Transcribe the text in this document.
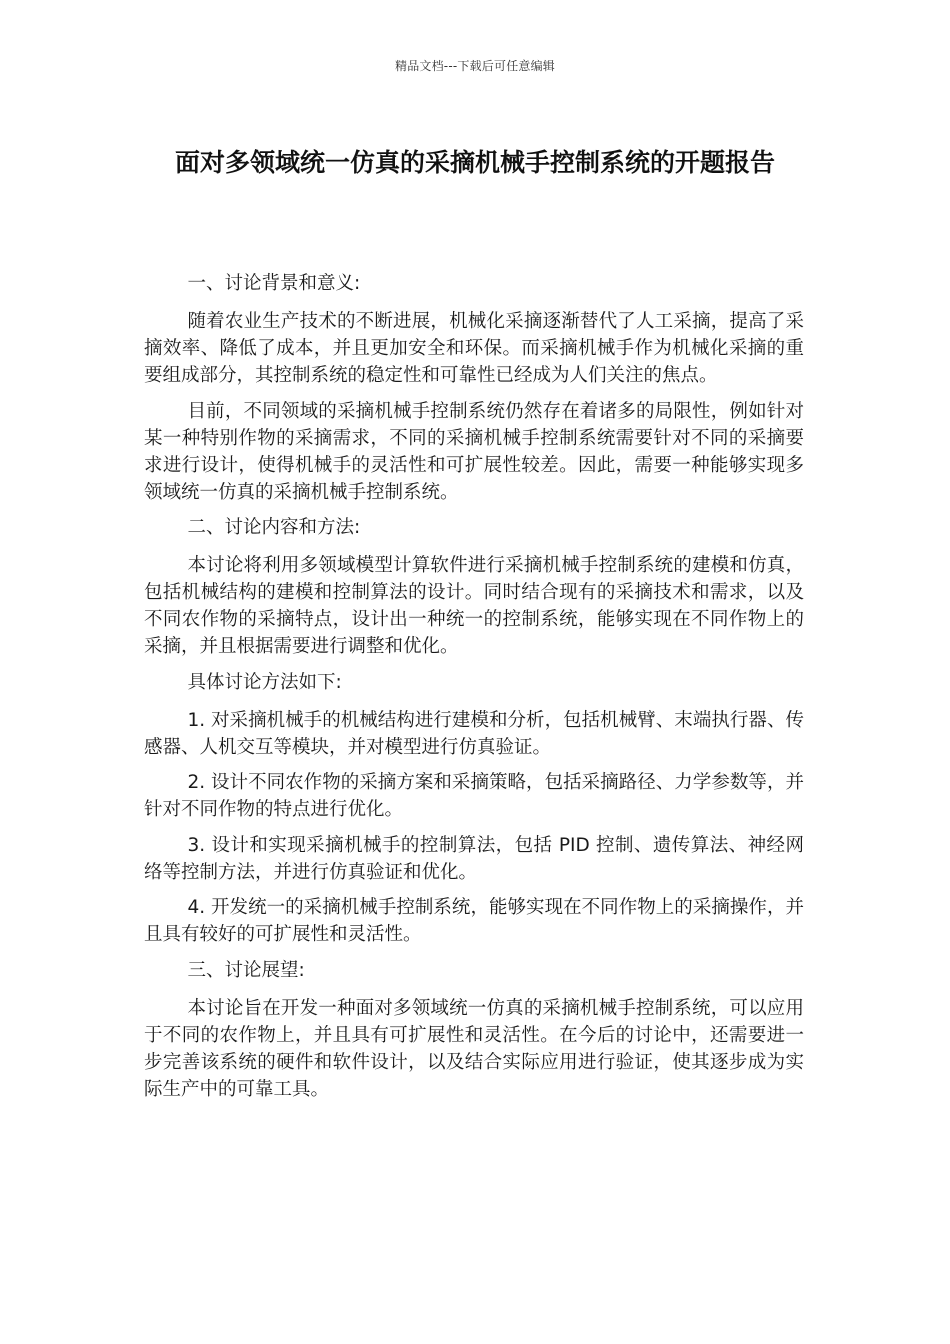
精品文档---下载后可任意编辑
面对多领域统一仿真的采摘机械手控制系统的开题报告

一、讨论背景和意义:

随着农业生产技术的不断进展，机械化采摘逐渐替代了人工采摘，提高了采摘效率、降低了成本，并且更加安全和环保。而采摘机械手作为机械化采摘的重要组成部分，其控制系统的稳定性和可靠性已经成为人们关注的焦点。

目前，不同领域的采摘机械手控制系统仍然存在着诸多的局限性，例如针对某一种特别作物的采摘需求，不同的采摘机械手控制系统需要针对不同的采摘要求进行设计，使得机械手的灵活性和可扩展性较差。因此，需要一种能够实现多领域统一仿真的采摘机械手控制系统。

二、讨论内容和方法:

本讨论将利用多领域模型计算软件进行采摘机械手控制系统的建模和仿真，包括机械结构的建模和控制算法的设计。同时结合现有的采摘技术和需求，以及不同农作物的采摘特点，设计出一种统一的控制系统，能够实现在不同作物上的采摘，并且根据需要进行调整和优化。

具体讨论方法如下:

1. 对采摘机械手的机械结构进行建模和分析，包括机械臂、末端执行器、传感器、人机交互等模块，并对模型进行仿真验证。

2. 设计不同农作物的采摘方案和采摘策略，包括采摘路径、力学参数等，并针对不同作物的特点进行优化。

3. 设计和实现采摘机械手的控制算法，包括 PID 控制、遗传算法、神经网络等控制方法，并进行仿真验证和优化。

4. 开发统一的采摘机械手控制系统，能够实现在不同作物上的采摘操作，并且具有较好的可扩展性和灵活性。

三、讨论展望:

本讨论旨在开发一种面对多领域统一仿真的采摘机械手控制系统，可以应用于不同的农作物上，并且具有可扩展性和灵活性。在今后的讨论中，还需要进一步完善该系统的硬件和软件设计，以及结合实际应用进行验证，使其逐步成为实际生产中的可靠工具。
